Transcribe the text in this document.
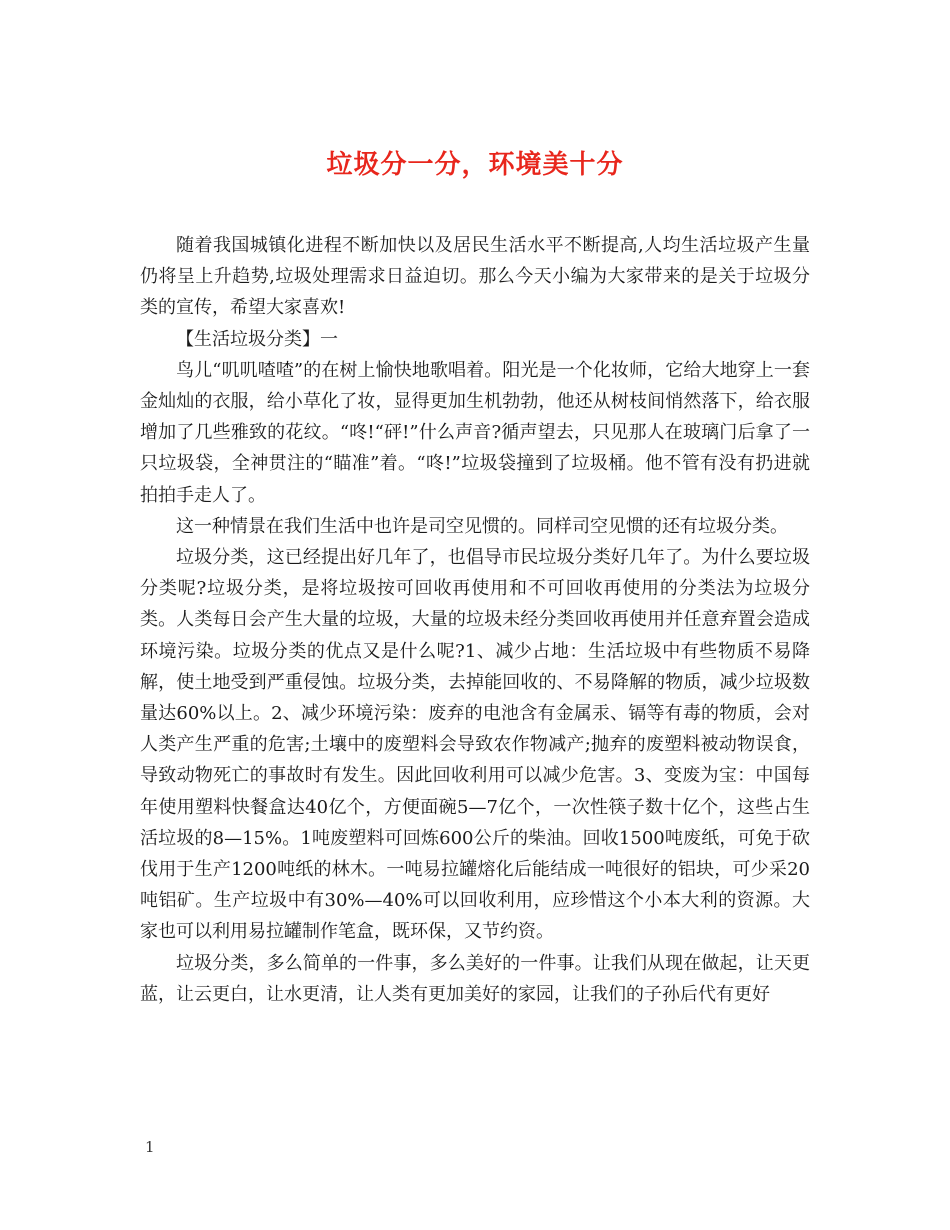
垃圾分一分，环境美十分

随着我国城镇化进程不断加快以及居民生活水平不断提高,人均生活垃圾产生量仍将呈上升趋势,垃圾处理需求日益迫切。那么今天小编为大家带来的是关于垃圾分类的宣传，希望大家喜欢!

【生活垃圾分类】一

鸟儿“叽叽喳喳”的在树上愉快地歌唱着。阳光是一个化妆师，它给大地穿上一套金灿灿的衣服，给小草化了妆，显得更加生机勃勃，他还从树枝间悄然落下，给衣服增加了几些雅致的花纹。“咚!“砰!”什么声音?循声望去，只见那人在玻璃门后拿了一只垃圾袋，全神贯注的“瞄准”着。“咚!”垃圾袋撞到了垃圾桶。他不管有没有扔进就拍拍手走人了。

这一种情景在我们生活中也许是司空见惯的。同样司空见惯的还有垃圾分类。

垃圾分类，这已经提出好几年了，也倡导市民垃圾分类好几年了。为什么要垃圾分类呢?垃圾分类，是将垃圾按可回收再使用和不可回收再使用的分类法为垃圾分类。人类每日会产生大量的垃圾，大量的垃圾未经分类回收再使用并任意弃置会造成环境污染。垃圾分类的优点又是什么呢?1、减少占地：生活垃圾中有些物质不易降解，使土地受到严重侵蚀。垃圾分类，去掉能回收的、不易降解的物质，减少垃圾数量达60%以上。2、减少环境污染：废弃的电池含有金属汞、镉等有毒的物质，会对人类产生严重的危害;土壤中的废塑料会导致农作物减产;抛弃的废塑料被动物误食，导致动物死亡的事故时有发生。因此回收利用可以减少危害。3、变废为宝：中国每年使用塑料快餐盒达40亿个，方便面碗5—7亿个，一次性筷子数十亿个，这些占生活垃圾的8—15%。1吨废塑料可回炼600公斤的柴油。回收1500吨废纸，可免于砍伐用于生产1200吨纸的林木。一吨易拉罐熔化后能结成一吨很好的铝块，可少采20吨铝矿。生产垃圾中有30%—40%可以回收利用，应珍惜这个小本大利的资源。大家也可以利用易拉罐制作笔盒，既环保，又节约资。

垃圾分类，多么简单的一件事，多么美好的一件事。让我们从现在做起，让天更蓝，让云更白，让水更清，让人类有更加美好的家园，让我们的子孙后代有更好

1
